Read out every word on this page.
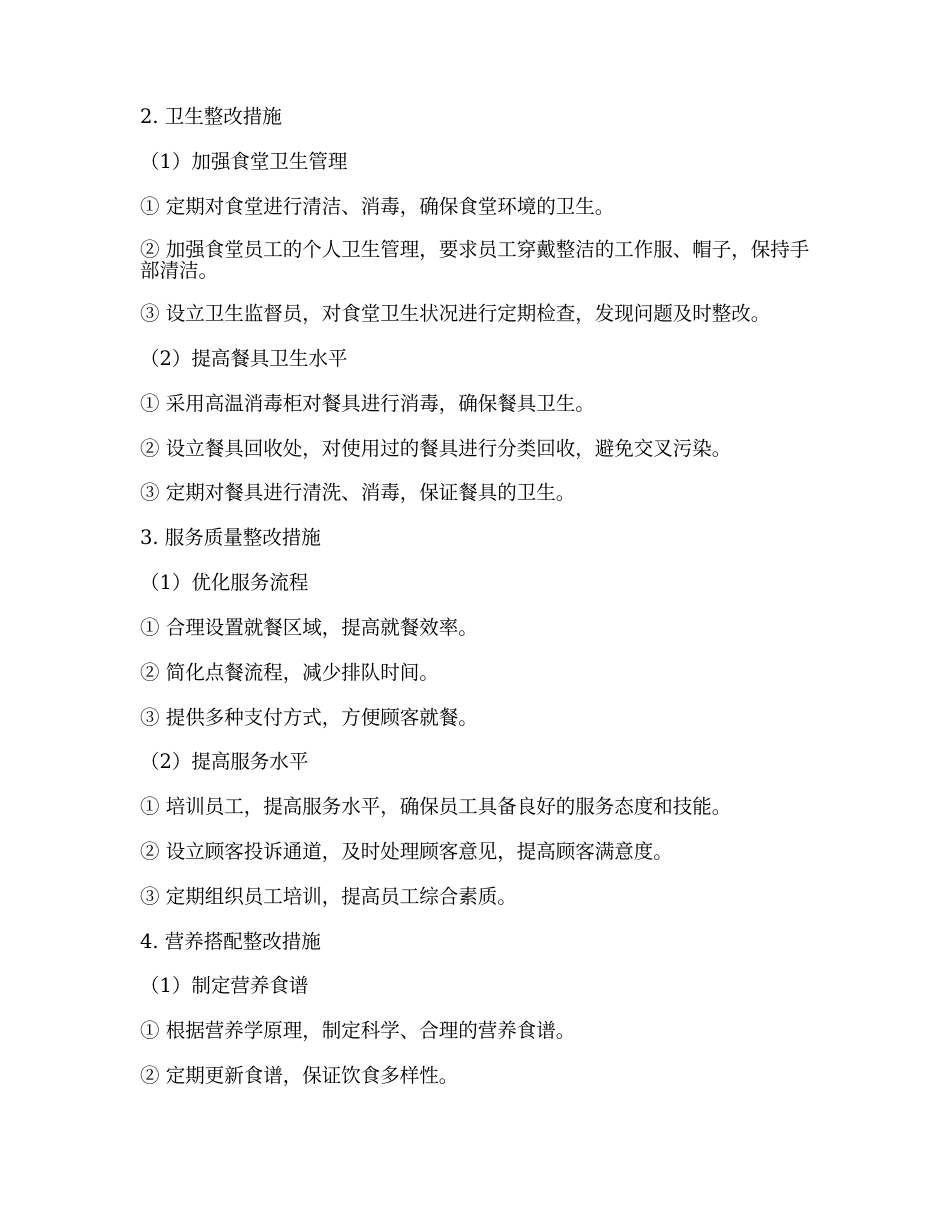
2. 卫生整改措施

（1）加强食堂卫生管理

① 定期对食堂进行清洁、消毒，确保食堂环境的卫生。

② 加强食堂员工的个人卫生管理，要求员工穿戴整洁的工作服、帽子，保持手部清洁。

③ 设立卫生监督员，对食堂卫生状况进行定期检查，发现问题及时整改。

（2）提高餐具卫生水平

① 采用高温消毒柜对餐具进行消毒，确保餐具卫生。

② 设立餐具回收处，对使用过的餐具进行分类回收，避免交叉污染。

③ 定期对餐具进行清洗、消毒，保证餐具的卫生。

3. 服务质量整改措施

（1）优化服务流程

① 合理设置就餐区域，提高就餐效率。

② 简化点餐流程，减少排队时间。

③ 提供多种支付方式，方便顾客就餐。

（2）提高服务水平

① 培训员工，提高服务水平，确保员工具备良好的服务态度和技能。

② 设立顾客投诉通道，及时处理顾客意见，提高顾客满意度。

③ 定期组织员工培训，提高员工综合素质。

4. 营养搭配整改措施

（1）制定营养食谱

① 根据营养学原理，制定科学、合理的营养食谱。

② 定期更新食谱，保证饮食多样性。
